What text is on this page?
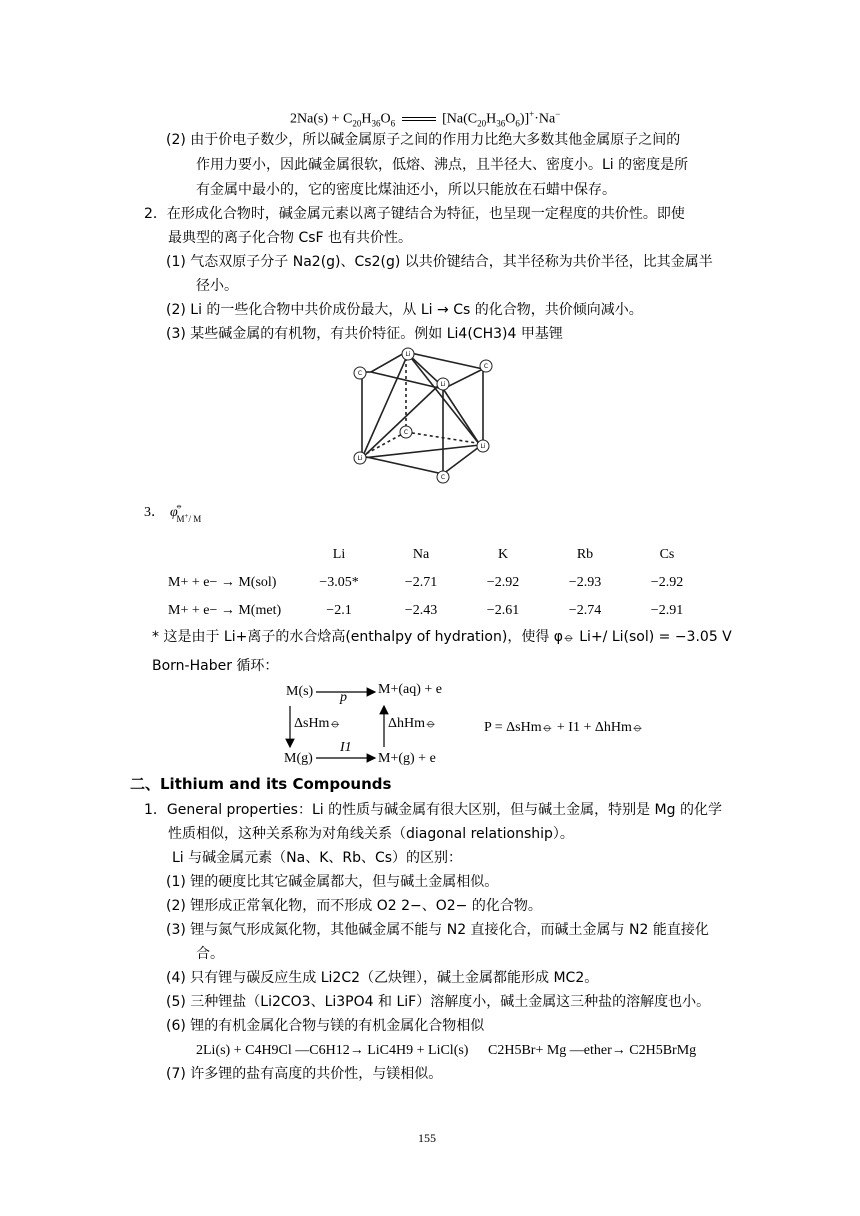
$2Na(s) + C_{20}H_{36}O_6$	$[Na(C_{20}H_{36}O_6)]^+\cdot Na^-$
(2) 由于价电子数少，所以碱金属原子之间的作用力比绝大多数其他金属原子之间的
作用力要小，因此碱金属很软，低熔、沸点，且半径大、密度小。Li 的密度是所
有金属中最小的，它的密度比煤油还小，所以只能放在石蜡中保存。
2．在形成化合物时，碱金属元素以离子键结合为特征，也呈现一定程度的共价性。即使
最典型的离子化合物 CsF 也有共价性。
(1) 气态双原子分子 Na2(g)、Cs2(g) 以共价键结合，其半径称为共价半径，比其金属半
径小。
(2) Li 的一些化合物中共价成份最大，从 Li → Cs 的化合物，共价倾向减小。
(3) 某些碱金属的有机物，有共价特征。例如 Li4(CH3)4 甲基锂
Li
Li
Li
Li
C
C
C
C
3． $\varphi^⦵_{M^+/ M}$
	Li	Na	K	Rb	Cs
M+ + e− → M(sol)	−3.05*	−2.71	−2.92	−2.93	−2.92
M+ + e− → M(met)	−2.1	−2.43	−2.61	−2.74	−2.91
* 这是由于 Li+离子的水合焓高(enthalpy of hydration)，使得 φ⦵ Li+/ Li(sol) = −3.05 V
Born-Haber 循环：
M(s)	M+(aq) + e
M(g)	M+(g) + e
p
I1
ΔsHm⦵	ΔhHm⦵	P = ΔsHm⦵ + I1 + ΔhHm⦵
二、Lithium and its Compounds
1．General properties：Li 的性质与碱金属有很大区别，但与碱土金属，特别是 Mg 的化学
性质相似，这种关系称为对角线关系（diagonal relationship）。
Li 与碱金属元素（Na、K、Rb、Cs）的区别：
(1) 锂的硬度比其它碱金属都大，但与碱土金属相似。
(2) 锂形成正常氧化物，而不形成 O2 2−、O2− 的化合物。
(3) 锂与氮气形成氮化物，其他碱金属不能与 N2 直接化合，而碱土金属与 N2 能直接化
合。
(4) 只有锂与碳反应生成 Li2C2（乙炔锂），碱土金属都能形成 MC2。
(5) 三种锂盐（Li2CO3、Li3PO4 和 LiF）溶解度小，碱土金属这三种盐的溶解度也小。
(6) 锂的有机金属化合物与镁的有机金属化合物相似
2Li(s) + C4H9Cl —C6H12→ LiC4H9 + LiCl(s) C2H5Br+ Mg —ether→ C2H5BrMg
(7) 许多锂的盐有高度的共价性，与镁相似。
155
